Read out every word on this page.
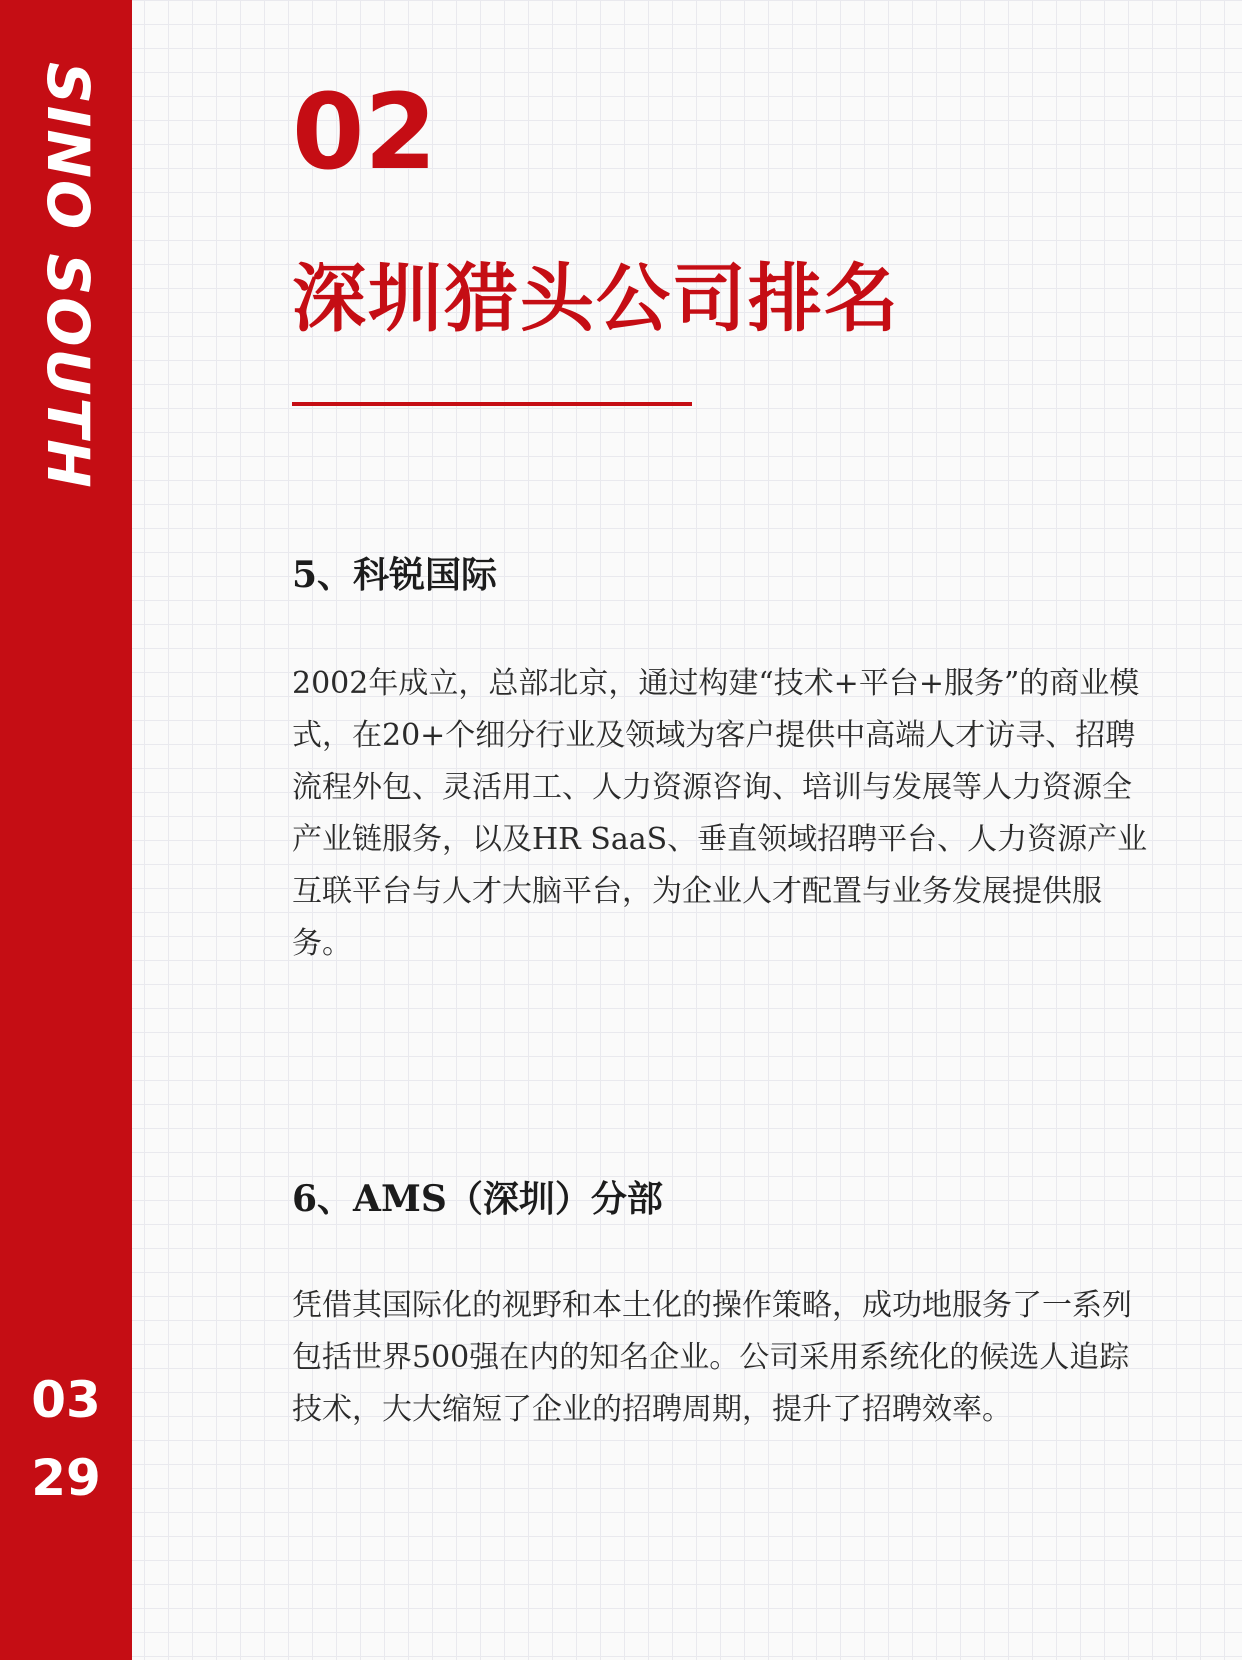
SINO SOUTH
03
29
02
深圳猎头公司排名
5、科锐国际

2002年成立，总部北京，通过构建“技术+平台+服务”的商业模式，在20+个细分行业及领域为客户提供中高端人才访寻、招聘流程外包、灵活用工、人力资源咨询、培训与发展等人力资源全产业链服务，以及HR SaaS、垂直领域招聘平台、人力资源产业互联平台与人才大脑平台，为企业人才配置与业务发展提供服务。

6、AMS（深圳）分部

凭借其国际化的视野和本土化的操作策略，成功地服务了一系列包括世界500强在内的知名企业。公司采用系统化的候选人追踪技术，大大缩短了企业的招聘周期，提升了招聘效率。
